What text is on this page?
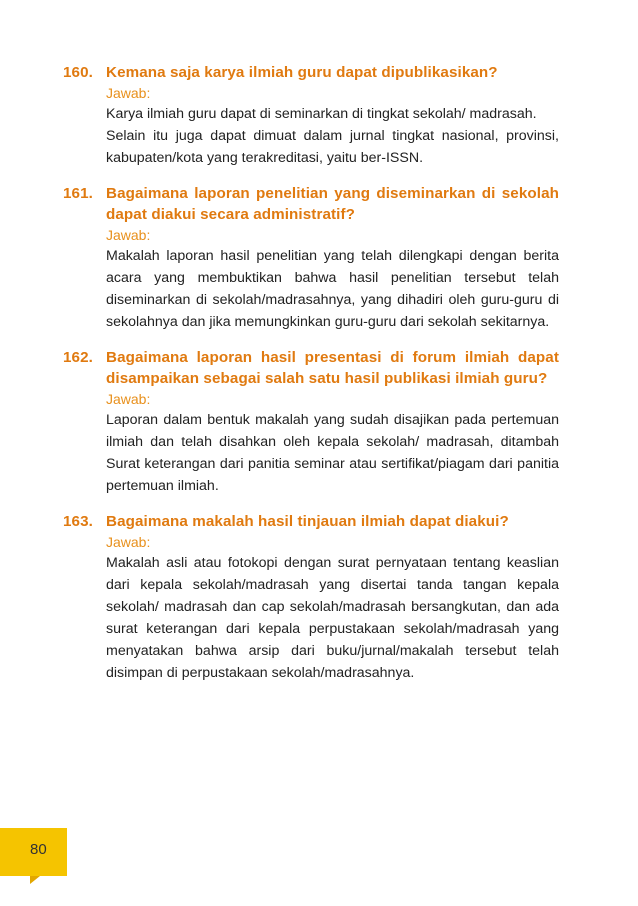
160. Kemana saja karya ilmiah guru dapat dipublikasikan?
Jawab:

Karya ilmiah guru dapat di seminarkan di tingkat sekolah/ madrasah.

Selain itu juga dapat dimuat dalam jurnal tingkat nasional, provinsi, kabupaten/kota yang terakreditasi, yaitu ber-ISSN.

161. Bagaimana laporan penelitian yang diseminarkan di sekolah dapat diakui secara administratif?
Jawab:

Makalah laporan hasil penelitian yang telah dilengkapi dengan berita acara yang membuktikan bahwa hasil penelitian tersebut telah diseminarkan di sekolah/madrasahnya, yang dihadiri oleh guru-guru di sekolahnya dan jika memungkinkan guru-guru dari sekolah sekitarnya.

162. Bagaimana laporan hasil presentasi di forum ilmiah dapat disampaikan sebagai salah satu hasil publikasi ilmiah guru?
Jawab:

Laporan dalam bentuk makalah yang sudah disajikan pada pertemuan ilmiah dan telah disahkan oleh kepala sekolah/ madrasah, ditambah Surat keterangan dari panitia seminar atau sertifikat/piagam dari panitia pertemuan ilmiah.

163. Bagaimana makalah hasil tinjauan ilmiah dapat diakui?
Jawab:

Makalah asli atau fotokopi dengan surat pernyataan tentang keaslian dari kepala sekolah/madrasah yang disertai tanda tangan kepala sekolah/ madrasah dan cap sekolah/madrasah bersangkutan, dan ada surat keterangan dari kepala perpustakaan sekolah/madrasah yang menyatakan bahwa arsip dari buku/jurnal/makalah tersebut telah disimpan di perpustakaan sekolah/madrasahnya.

80
